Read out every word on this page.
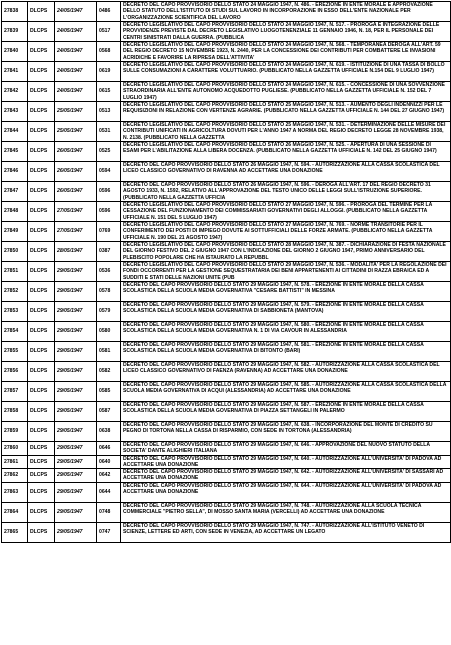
27838	DLCPS	24/05/1947	0486	DECRETO DEL CAPO PROVVISORIO DELLO STATO 24 MAGGIO 1947, N. 486. - EREZIONE IN ENTE MORALE E APPROVAZIONE DELLO STATUTO DELL'ISTITUTO DI STUDI SUL LAVORO IN INCORPORAZIONE IN ESSO DELL'ENTE NAZIONALE PER L'ORGANIZZAZIONE SCIENTIFICA DEL LAVORO
27839	DLCPS	24/05/1947	0517	DECRETO LEGISLATIVO DEL CAPO PROVVISORIO DELLO STATO 24 MAGGIO 1947, N. 517. - PROROGA E INTEGRAZIONE DELLE PROVVIDENZE PREVISTE DAL DECRETO LEGISLATIVO LUOGOTENENZIALE 11 GENNAIO 1946, N. 18, PER IL PERSONALE DEI CENTRI SINISTRATI DALLA GUERRA. (PUBBLICA
27840	DLCPS	24/05/1947	0568	DECRETO LEGISLATIVO DEL CAPO PROVVISORIO DELLO STATO 24 MAGGIO 1947, N. 568. - TEMPORANEA DEROGA ALL'ART. 59 DEL REGIO DECRETO 15 NOVEMBRE 1923, N. 2440, PER LA CONCESSIONE DEI CONTRIBUTI PER COMBATTERE LE INVASIONI ACRIDICHE E FAVORIRE LA RIPRESA DELL'ATTIVITA'
27841	DLCPS	24/05/1947	0619	DECRETO LEGISLATIVO DEL CAPO PROVVISORIO DELLO STATO 24 MAGGIO 1947, N. 619. - ISTITUZIONE DI UNA TASSA DI BOLLO SULLE CONSUMAZIONI A CARATTERE VOLUTTUARIO. (PUBBLICATO NELLA GAZZETTA UFFICIALE N.154 DEL 9 LUGLIO 1947)
27842	DLCPS	24/05/1947	0615	DECRETO LEGISLATIVO DEL CAPO PROVVISORIO DELLO STATO 24 MAGGIO 1947, N. 615. - CONCESSIONE DI UNA SOVVENZIONE STRAORDINARIA ALL'ENTE AUTONOMO ACQUEDOTTO PUGLIESE. (PUBBLICATO NELLA GAZZETTA UFFICIALE N. 152 DEL 7 LUGLIO 1947)
27843	DLCPS	25/05/1947	0513	DECRETO LEGISLATIVO DEL CAPO PROVVISORIO DELLO STATO 25 MAGGIO 1947, N. 513. - AUMENTO DEGLI INDENNIZZI PER LE REQUISIZIONI IN RELAZIONE CON VERTENZE AGRARIE. (PUBBLICATO NELLA GAZZETTA UFFICIALE N. 144 DEL 27 GIUGNO 1947)
27844	DLCPS	25/05/1947	0531	DECRETO LEGISLATIVO DEL CAPO PROVVISORIO DELLO STATO 25 MAGGIO 1947, N. 531. - DETERMINAZIONE DELLE MISURE DEI CONTRIBUTI UNIFICATI IN AGRICOLTURA DOVUTI PER L'ANNO 1947 A NORMA DEL REGIO DECRETO LEGGE 28 NOVEMBRE 1938, N. 2138. (PUBBLICATO NELLA GAZZETTA
27845	DLCPS	26/05/1947	0525	DECRETO LEGISLATIVO DEL CAPO PROVVISORIO DELLO STATO 26 MAGGIO 1947, N. 525. - APERTURA DI UNA SESSIONE DI ESAMI PER L'ABILITAZIONE ALLA LIBERA DOCENZA. (PUBBLICATO NELLA GAZZETTA UFFICIALE N. 142 DEL 25 GIUGNO 1947)
27846	DLCPS	26/05/1947	0594	DECRETO DEL CAPO PROVVISORIO DELLO STATO 26 MAGGIO 1947, N. 594. - AUTORIZZAZIONE ALLA CASSA SCOLASTICA DEL LICEO CLASSICO GOVERNATIVO DI RAVENNA AD ACCETTARE UNA DONAZIONE
27847	DLCPS	26/05/1947	0596	DECRETO DEL CAPO PROVVISORIO DELLO STATO 26 MAGGIO 1947, N. 596. - DEROGA ALL'ART. 17 DEL REGIO DECRETO 31 AGOSTO 1933, N. 1592, RELATIVO ALL'APPROVAZIONE DEL TESTO UNICO DELLE LEGGI SULL'ISTRUZIONE SUPERIORE. (PUBBLICATO NELLA GAZZETTA UFFICIA
27848	DLCPS	27/05/1947	0596	DECRETO LEGISLATIVO DEL CAPO PROVVISORIO DELLO STATO 27 MAGGIO 1947, N. 596. - PROROGA DEL TERMINE PER LA CESSAZIONE DEL FUNZIONAMENTO DEI COMMISSARIATI GOVERNATIVI DEGLI ALLOGGI. (PUBBLICATO NELLA GAZZETTA UFFICIALE N. 151 DEL 5 LUGLIO 1947)
27849	DLCPS	27/05/1947	0769	DECRETO LEGISLATIVO DEL CAPO PROVVISORIO DELLO STATO 27 MAGGIO 1947, N. 769. - NORME TRANSITORIE PER IL CONFERIMENTO DEI POSTI DI IMPIEGO DOVUTE AI SOTTUFFICIALI DELLE FORZE ARMATE. (PUBBLICATO NELLA GAZZETTA UFFICIALE N. 190 DEL 21 AGOSTO 1947)
27850	DLCPS	28/05/1947	0387	DECRETO LEGISLATIVO DEL CAPO PROVVISORIO DELLO STATO 28 MAGGIO 1947, N. 387. - DICHIARAZIONE DI FESTA NAZIONALE DEL GIORNO FESTIVO DEL 2 GIUGNO 1947 CON L'INDICAZIONE DEL GIORNO 2 GIUGNO 1947, PRIMO ANNIVERSARIO DEL PLEBISCITO POPOLARE CHE HA ISTAURATO LA REPUBBL
27851	DLCPS	29/05/1947	0536	DECRETO LEGISLATIVO DEL CAPO PROVVISORIO DELLO STATO 29 MAGGIO 1947, N. 536. - MODALITA' PER LA REGOLAZIONE DEI FONDI OCCORRENTI PER LA GESTIONE SEQUESTRATARIA DEI BENI APPARTENENTI AI CITTADINI DI RAZZA EBRAICA ED A SUDDITI E STATI DELLE NAZIONI UNITE (PUB
27852	DLCPS	29/05/1947	0578	DECRETO DEL CAPO PROVVISORIO DELLO STATO 29 MAGGIO 1947, N. 578. - EREZIONE IN ENTE MORALE DELLA CASSA SCOLASTICA DELLA SCUOLA MEDIA GOVERNATIVA "CESARE BATTISTI" IN MESSINA
27853	DLCPS	29/05/1947	0579	DECRETO DEL CAPO PROVVISORIO DELLO STATO 29 MAGGIO 1947, N. 579. - EREZIONE IN ENTE MORALE DELLA CASSA SCOLASTICA DELLA SCUOLA MEDIA GOVERNATIVA DI SABBIONETA (MANTOVA)
27854	DLCPS	29/05/1947	0580	DECRETO DEL CAPO PROVVISORIO DELLO STATO 29 MAGGIO 1947, N. 580. - EREZIONE IN ENTE MORALE DELLA CASSA SCOLASTICA DELLA SCUOLA MEDIA GOVERNATIVA N. 1 DI VIA CAVOUR IN ALESSANDRIA
27855	DLCPS	29/05/1947	0581	DECRETO DEL CAPO PROVVISORIO DELLO STATO 29 MAGGIO 1947, N. 581. - EREZIONE IN ENTE MORALE DELLA CASSA SCOLASTICA DELLA SCUOLA MEDIA GOVERNATIVA DI BITONTO (BARI)
27856	DLCPS	29/05/1947	0582	DECRETO DEL CAPO PROVVISORIO DELLO STATO 29 MAGGIO 1947, N. 582. - AUTORIZZAZIONE ALLA CASSA SCOLASTICA DEL LICEO CLASSICO GOVERNATIVO DI FAENZA (RAVENNA) AD ACCETTARE UNA DONAZIONE
27857	DLCPS	29/05/1947	0585	DECRETO DEL CAPO PROVVISORIO DELLO STATO 29 MAGGIO 1947, N. 585. - AUTORIZZAZIONE ALLA CASSA SCOLASTICA DELLA SCUOLA MEDIA GOVERNATIVA DI ACQUI (ALESSANDRIA) AD ACCETTARE UNA DONAZIONE
27858	DLCPS	29/05/1947	0587	DECRETO DEL CAPO PROVVISORIO DELLO STATO 29 MAGGIO 1947, N. 587. - EREZIONE IN ENTE MORALE DELLA CASSA SCOLASTICA DELLA SCUOLA MEDIA GOVERNATIVA DI PIAZZA SETTANGELI IN PALERMO
27859	DLCPS	29/05/1947	0638	DECRETO DEL CAPO PROVVISORIO DELLO STATO 29 MAGGIO 1947, N. 638. - INCORPORAZIONE DEL MONTE DI CREDITO SU PEGNO DI TORTONA NELLA CASSA DI RISPARMIO, CON SEDE IN TORTONA (ALESSANDRIA)
27860	DLCPS	29/05/1947	0646	DECRETO DEL CAPO PROVVISORIO DELLO STATO 29 MAGGIO 1947, N. 646. - APPROVAZIONE DEL NUOVO STATUTO DELLA SOCIETA' DANTE ALIGHIERI ITALIANA
27861	DLCPS	29/05/1947	0640	DECRETO DEL CAPO PROVVISORIO DELLO STATO 29 MAGGIO 1947, N. 640. - AUTORIZZAZIONE ALL'UNIVERSITA' DI PADOVA AD ACCETTARE UNA DONAZIONE
27862	DLCPS	29/05/1947	0642	DECRETO DEL CAPO PROVVISORIO DELLO STATO 29 MAGGIO 1947, N. 642. - AUTORIZZAZIONE ALL'UNIVERSITA' DI SASSARI AD ACCETTARE UNA DONAZIONE
27863	DLCPS	29/05/1947	0644	DECRETO DEL CAPO PROVVISORIO DELLO STATO 29 MAGGIO 1947, N. 644. - AUTORIZZAZIONE ALL'UNIVERSITA' DI PADOVA AD ACCETTARE UNA DONAZIONE
27864	DLCPS	29/05/1947	0748	DECRETO DEL CAPO PROVVISORIO DELLO STATO 29 MAGGIO 1947, N. 748. - AUTORIZZAZIONE ALLA SCUOLA TECNICA COMMERCIALE "PIETRO SELLA", DI MOSSO SANTA MARIA (VERCELLI) AD ACCETTARE UNA DONAZIONE
27865	DLCPS	29/05/1947	0747	DECRETO DEL CAPO PROVVISORIO DELLO STATO 29 MAGGIO 1947, N. 747. - AUTORIZZAZIONE ALL'ISTITUTO VENETO DI SCIENZE, LETTERE ED ARTI, CON SEDE IN VENEZIA, AD ACCETTARE UN LEGATO
